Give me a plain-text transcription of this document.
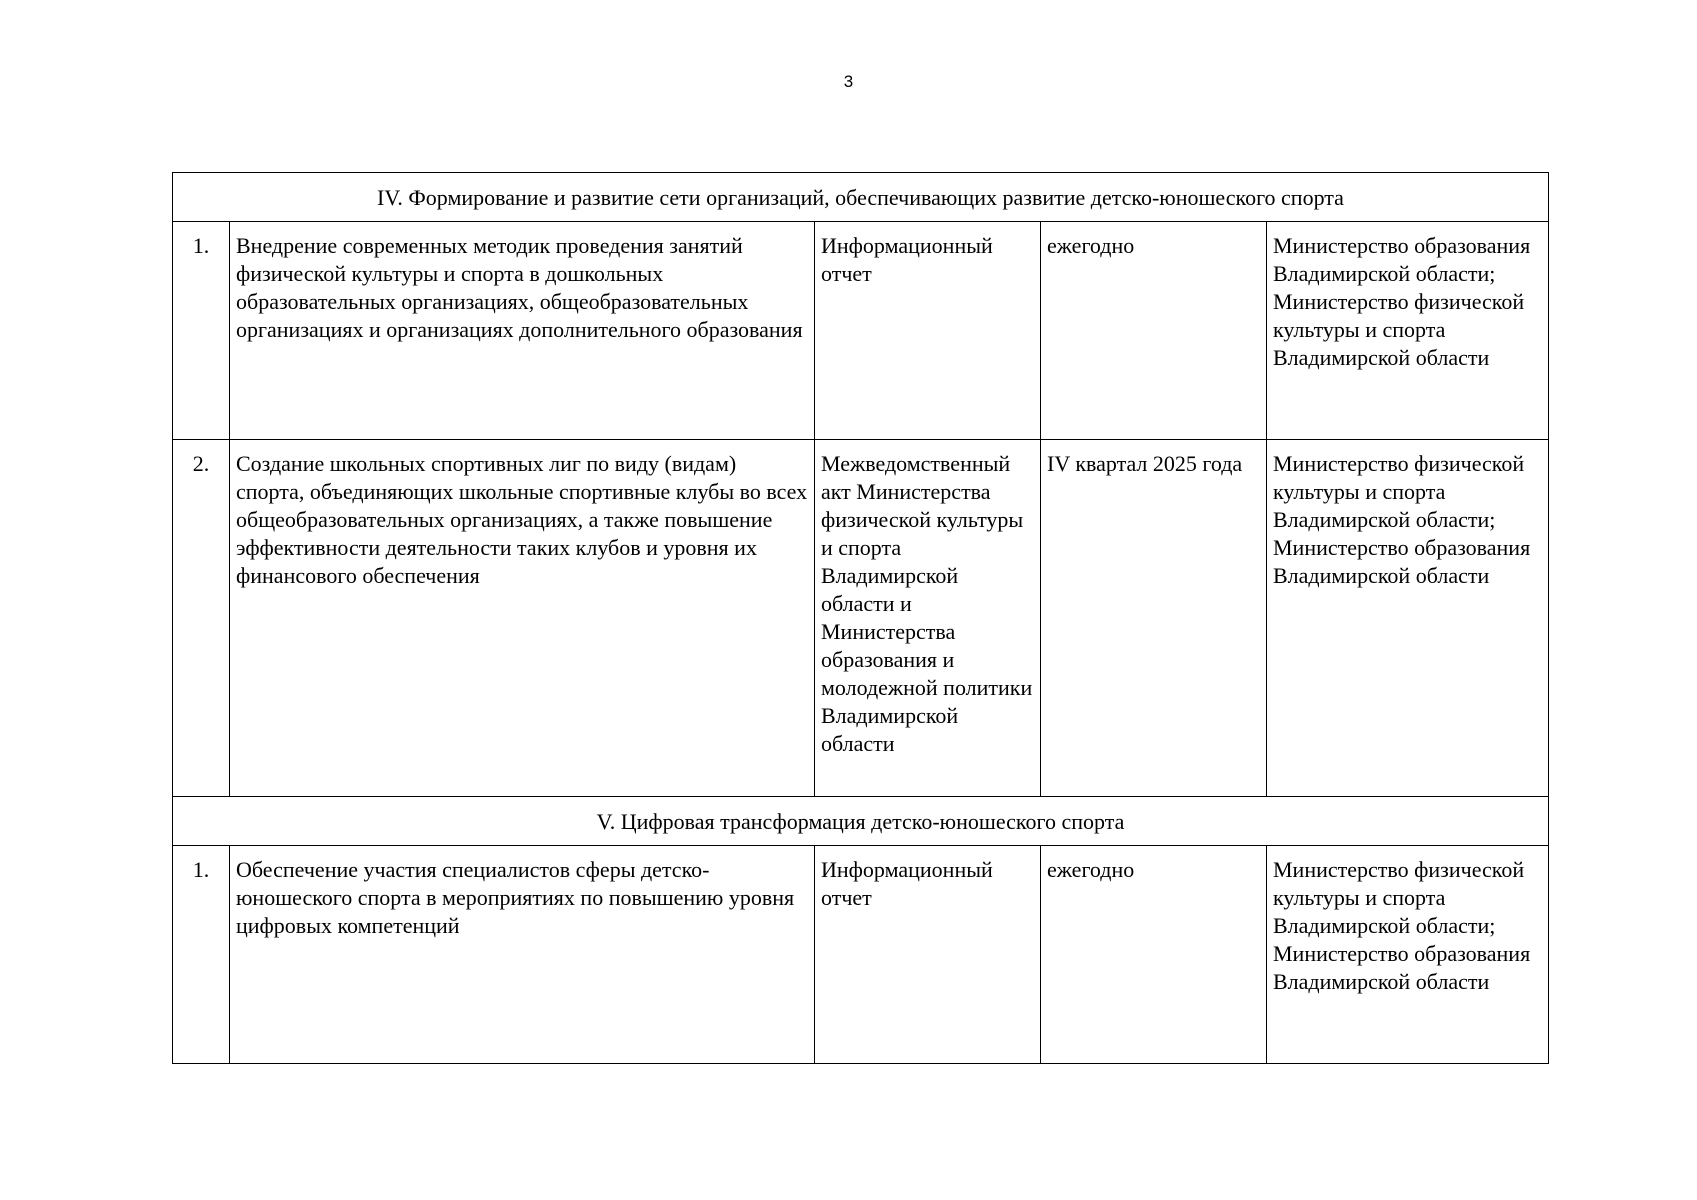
3
IV. Формирование и развитие сети организаций, обеспечивающих развитие детско-юношеского спорта				
1.	Внедрение современных методик проведения занятий физической культуры и спорта в дошкольных образовательных организациях, общеобразовательных организациях и организациях дополнительного образования	Информационный отчет	ежегодно	Министерство образования Владимирской области;
Министерство физической культуры и спорта Владимирской области
2.	Создание школьных спортивных лиг по виду (видам) спорта, объединяющих школьные спортивные клубы во всех общеобразовательных организациях, а также повышение эффективности деятельности таких клубов и уровня их финансового обеспечения	Межведомственный акт Министерства физической культуры и спорта Владимирской области и Министерства образования и молодежной политики Владимирской области	IV квартал 2025 года	Министерство физической культуры и спорта Владимирской области;
Министерство образования Владимирской области
V. Цифровая трансформация детско-юношеского спорта				
1.	Обеспечение участия специалистов сферы детско-юношеского спорта в мероприятиях по повышению уровня цифровых компетенций	Информационный отчет	ежегодно	Министерство физической культуры и спорта Владимирской области;
Министерство образования Владимирской области
